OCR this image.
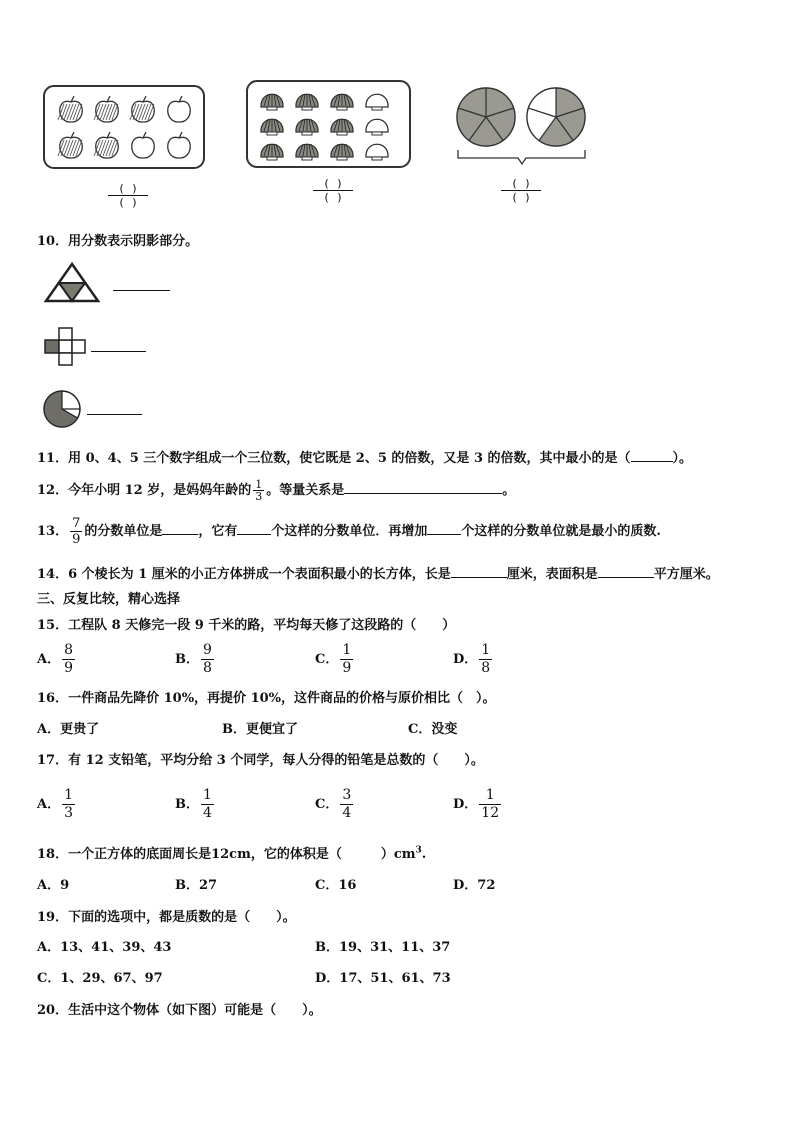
( )
( )
( )
( )
( )
( )
10．用分数表示阴影部分。
11．用 0、4、5 三个数字组成一个三位数，使它既是 2、5 的倍数，又是 3 的倍数，其中最小的是（	）。
12．今年小明 12 岁，是妈妈年龄的 $\frac{1}{3}$ 。等量关系是	。
13． $\frac{7}{9}$ 的分数单位是	，它有	个这样的分数单位．再增加	个这样的分数单位就是最小的质数.
14．6 个棱长为 1 厘米的小正方体拼成一个表面积最小的长方体，长是	厘米，表面积是	平方厘米。
三、反复比较，精心选择
15．工程队 8 天修完一段 9 千米的路，平均每天修了这段路的（　　）
A． $\frac{8}{9}$	B． $\frac{9}{8}$	C． $\frac{1}{9}$	D． $\frac{1}{8}$
16．一件商品先降价 10%，再提价 10%，这件商品的价格与原价相比（　）。
A．更贵了	B．更便宜了	C．没变
17．有 12 支铅笔，平均分给 3 个同学，每人分得的铅笔是总数的（　　）。
A． $\frac{1}{3}$	B． $\frac{1}{4}$	C． $\frac{3}{4}$	D． $\frac{1}{12}$
18．一个正方体的底面周长是12cm，它的体积是（　　　）$cm^3$.
A．9	B．27	C．16	D．72
19．下面的选项中，都是质数的是（　　）。
A．13、41、39、43	B．19、31、11、37
C．1、29、67、97	D．17、51、61、73
20．生活中这个物体（如下图）可能是（　　）。
